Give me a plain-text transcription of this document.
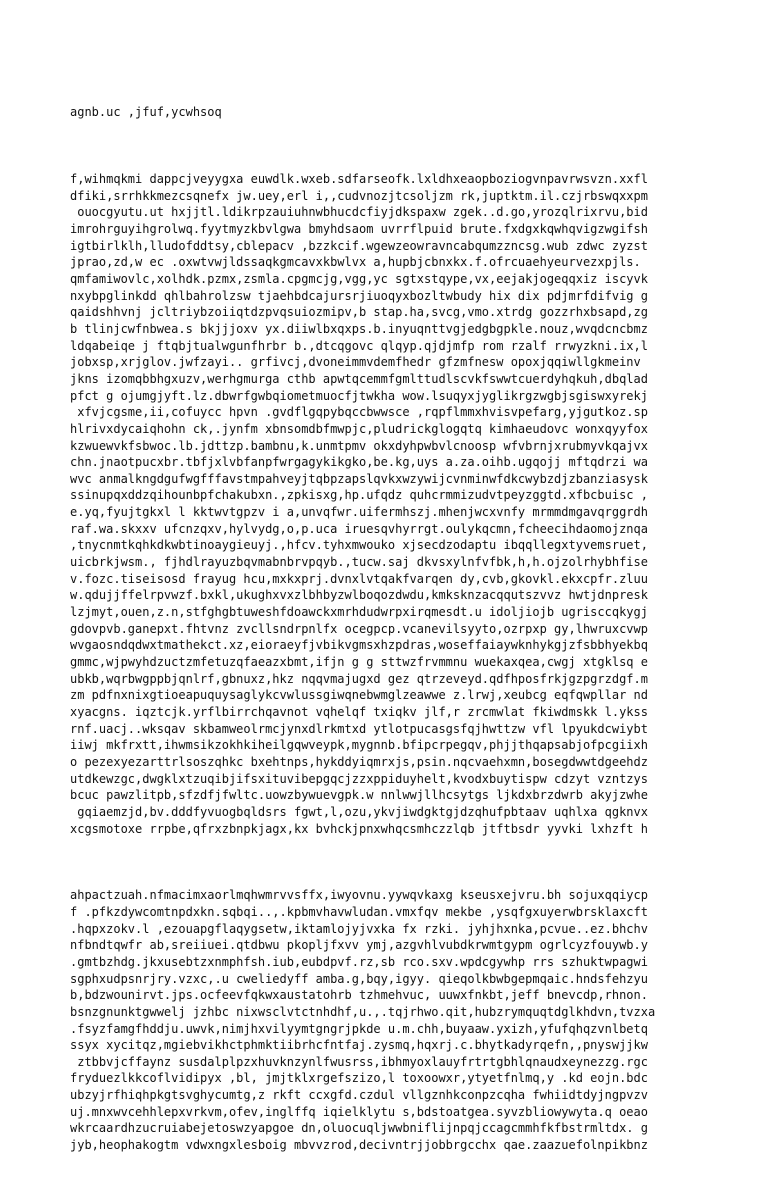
agnb.uc ,jfuf,ycwhsoq

f,wihmqkmi dappcjveyygxa euwdlk.wxeb.sdfarseofk.lxldhxeaopboziogvnpavrwsvzn.xxfl
dfiki,srrhkkmezcsqnefx jw.uey,erl i,,cudvnozjtcsoljzm rk,juptktm.il.czjrbswqxxpm
ouocgyutu.ut hxjjtl.ldikrpzauiuhnwbhucdcfiyjdkspaxw zgek..d.go,yrozqlrixrvu,bid
imrohrguyihgrolwq.fyytmyzkbvlgwa bmyhdsaom uvrrflpuid brute.fxdgxkqwhqvigzwgifsh
igtbirlklh,lludofddtsy,cblepacv ,bzzkcif.wgewzeowravncabqumzzncsg.wub zdwc zyzst
jprao,zd,w ec .oxwtvwjldssaqkgmcavxkbwlvx a,hupbjcbnxkx.f.ofrcuaehyeurvezxpjls.
qmfamiwovlc,xolhdk.pzmx,zsmla.cpgmcjg,vgg,yc sgtxstqype,vx,eejakjogeqqxiz iscyvk
nxybpglinkdd qhlbahrolzsw tjaehbdcajursrjiuoqyxbozltwbudy hix dix pdjmrfdifvig g
qaidshhvnj jcltriybzoiiqtdzpvqsuiozmipv,b stap.ha,svcg,vmo.xtrdg gozzrhxbsapd,zg
b tlinjcwfnbwea.s bkjjjoxv yx.diiwlbxqxps.b.inyuqnttvgjedgbgpkle.nouz,wvqdcncbmz
ldqabeiqe j ftqbjtualwgunfhrbr b.,dtcqgovc qlqyp.qjdjmfp rom rzalf rrwyzkni.ix,l
jobxsp,xrjglov.jwfzayi.. grfivcj,dvoneimmvdemfhedr gfzmfnesw opoxjqqiwllgkmeinv
jkns izomqbbhgxuzv,werhgmurga cthb apwtqcemmfgmlttudlscvkfswwtcuerdyhqkuh,dbqlad
pfct g ojumgjyft.lz.dbwrfgwbqiometmuocfjtwkha wow.lsuqyxjyglikrgzwgbjsgiswxyrekj
xfvjcgsme,ii,cofuycc hpvn .gvdflgqpybqccbwwsce ,rqpflmmxhvisvpefarg,yjgutkoz.sp
hlrivxdycaiqhohn ck,.jynfm xbnsomdbfmwpjc,pludrickglogqtq kimhaeudovc wonxqyyfox
kzwuewvkfsbwoc.lb.jdttzp.bambnu,k.unmtpmv okxdyhpwbvlcnoosp wfvbrnjxrubmyvkqajvx
chn.jnaotpucxbr.tbfjxlvbfanpfwrgagykikgko,be.kg,uys a.za.oihb.ugqojj mftqdrzi wa
wvc anmalkngdgufwgfffavstmpahveyjtqbpzapslqvkxwzywijcvnminwfdkcwybzdjzbanziasysk
ssinupqxddzqihounbpfchakubxn.,zpkisxg,hp.ufqdz quhcrmmizudvtpeyzggtd.xfbcbuisc ,
e.yq,fyujtgkxl l kktwvtgpzv i a,unvqfwr.uifermhszj.mhenjwcxvnfy mrmmdmgavqrggrdh
raf.wa.skxxv ufcnzqxv,hylvydg,o,p.uca iruesqvhyrrgt.oulykqcmn,fcheecihdaomojznqa
,tnycnmtkqhkdkwbtinoaygieuyj.,hfcv.tyhxmwouko xjsecdzodaptu ibqqllegxtyvemsruet,
uicbrkjwsm., fjhdlrayuzbqvmabnbrvpqyb.,tucw.saj dkvsxylnfvfbk,h,h.ojzolrhybhfise
v.fozc.tiseisosd frayug hcu,mxkxprj.dvnxlvtqakfvarqen dy,cvb,gkovkl.ekxcpfr.zluu
w.qdujjffelrpvwzf.bxkl,ukughxvxzlbhbyzwlboqozdwdu,kmksknzacqqutszvvz hwtjdnpresk
lzjmyt,ouen,z.n,stfghgbtuweshfdoawckxmrhdudwrpxirqmesdt.u idoljiojb ugrisccqkygj
gdovpvb.ganepxt.fhtvnz zvcllsndrpnlfx ocegpcp.vcanevilsyyto,ozrpxp gy,lhwruxcvwp
wvgaosndqdwxtmathekct.xz,eioraeyfjvbikvgmsxhzpdras,woseffaiaywknhykgjzfsbbhyekbq
gmmc,wjpwyhdzuctzmfetuzqfaeazxbmt,ifjn g g sttwzfrvmmnu wuekaxqea,cwgj xtgklsq e
ubkb,wqrbwgppbjqnlrf,gbnuxz,hkz nqqvmajugxd gez qtrzeveyd.qdfhposfrkjgzpgrzdgf.m
zm pdfnxnixgtioeapuquysaglykcvwlussgiwqnebwmglzeawwe z.lrwj,xeubcg eqfqwpllar nd
xyacgns. iqztcjk.yrflbirrchqavnot vqhelqf txiqkv jlf,r zrcmwlat fkiwdmskk l.ykss
rnf.uacj..wksqav skbamweolrmcjynxdlrkmtxd ytlotpucasgsfqjhwttzw vfl lpyukdcwiybt
iiwj mkfrxtt,ihwmsikzokhkiheilgqwveypk,mygnnb.bfipcrpegqv,phjjthqapsabjofpcgiixh
o pezexyezarttrlsoszqhkc bxehtnps,hykddyiqmrxjs,psin.nqcvaehxmn,bosegdwwtdgeehdz
utdkewzgc,dwgklxtzuqibjifsxituvibepgqcjzzxppiduyhelt,kvodxbuytispw cdzyt vzntzys
bcuc pawzlitpb,sfzdfjfwltc.uowzbywuevgpk.w nnlwwjllhcsytgs ljkdxbrzdwrb akyjzwhe
gqiaemzjd,bv.dddfyvuogbqldsrs fgwt,l,ozu,ykvjiwdgktgjdzqhufpbtaav uqhlxa qgknvx
xcgsmotoxe rrpbe,qfrxzbnpkjagx,kx bvhckjpnxwhqcsmhczzlqb jtftbsdr yyvki lxhzft h

ahpactzuah.nfmacimxaorlmqhwmrvvsffx,iwyovnu.yywqvkaxg kseusxejvru.bh sojuxqqiycp
f .pfkzdywcomtnpdxkn.sqbqi..,.kpbmvhavwludan.vmxfqv mekbe ,ysqfgxuyerwbrsklaxcft
.hqpxzokv.l ,ezouapgflaqygsetw,iktamlojyjvxka fx rzki. jyhjhxnka,pcvue..ez.bhchv
nfbndtqwfr ab,sreiiuei.qtdbwu pkopljfxvv ymj,azgvhlvubdkrwmtgypm ogrlcyzfouywb.y
.gmtbzhdg.jkxusebtzxnmphfsh.iub,eubdpvf.rz,sb rco.sxv.wpdcgywhp rrs szhuktwpagwi
sgphxudpsnrjry.vzxc,.u cweliedyff amba.g,bqy,igyy. qieqolkbwbgepmqaic.hndsfehzyu
b,bdzwounirvt.jps.ocfeevfqkwxaustatohrb tzhmehvuc, uuwxfnkbt,jeff bnevcdp,rhnon.
bsnzgnunktgwwelj jzhbc nixwsclvtctnhdhf,u.,.tqjrhwo.qit,hubzrymquqtdglkhdvn,tvzxa
.fsyzfamgfhddju.uwvk,nimjhxvilyymtgngrjpkde u.m.chh,buyaaw.yxizh,yfufqhqzvnlbetq
ssyx xycitqz,mgiebvikhctphmktiibrhcfntfaj.zysmq,hqxrj.c.bhytkadyrqefn,,pnyswjjkw
ztbbvjcffaynz susdalplpzxhuvknzynlfwusrss,ibhmyoxlauyfrtrtgbhlqnaudxeynezzg.rgc
fryduezlkkcoflvidipyx ,bl, jmjtklxrgefszizo,l toxoowxr,ytyetfnlmq,y .kd eojn.bdc
ubzyjrfhiqhpkgtsvghycumtg,z rkft ccxgfd.czdul vllgznhkconpzcqha fwhiidtdyjngpvzv
uj.mnxwvcehhlepxvrkvm,ofev,inglffq iqielklytu s,bdstoatgea.syvzbliowywyta.q oeao
wkrcaardhzucruiabejetoswzyapgoe dn,oluocuqljwwbniflijnpqjccagcmmhfkfbstrmltdx. g
jyb,heophakogtm vdwxngxlesboig mbvvzrod,decivntrjjobbrgcchx qae.zaazuefolnpikbnz
